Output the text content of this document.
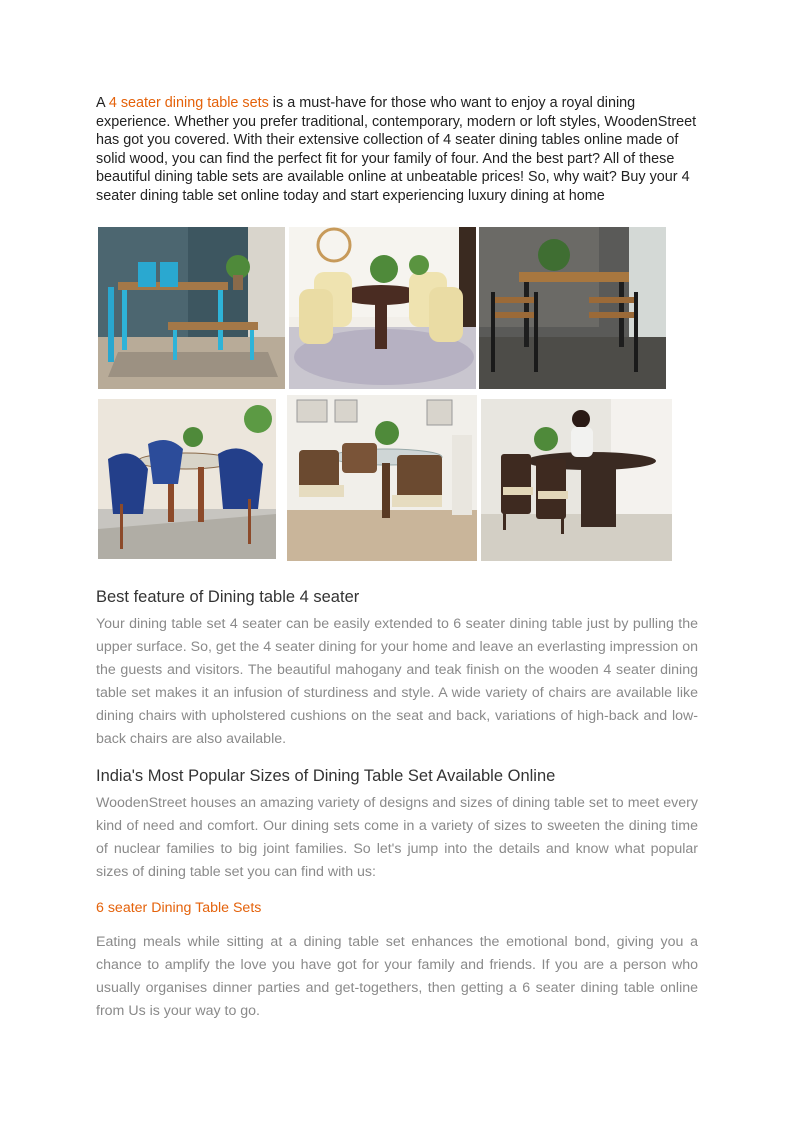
A 4 seater dining table sets is a must-have for those who want to enjoy a royal dining experience. Whether you prefer traditional, contemporary, modern or loft styles, WoodenStreet has got you covered. With their extensive collection of 4 seater dining tables online made of solid wood, you can find the perfect fit for your family of four. And the best part? All of these beautiful dining table sets are available online at unbeatable prices! So, why wait? Buy your 4 seater dining table set online today and start experiencing luxury dining at home

Best feature of Dining table 4 seater

Your dining table set 4 seater can be easily extended to 6 seater dining table just by pulling the upper surface. So, get the 4 seater dining for your home and leave an everlasting impression on the guests and visitors. The beautiful mahogany and teak finish on the wooden 4 seater dining table set makes it an infusion of sturdiness and style. A wide variety of chairs are available like dining chairs with upholstered cushions on the seat and back, variations of high-back and low-back chairs are also available.

India's Most Popular Sizes of Dining Table Set Available Online

WoodenStreet houses an amazing variety of designs and sizes of dining table set to meet every kind of need and comfort. Our dining sets come in a variety of sizes to sweeten the dining time of nuclear families to big joint families. So let's jump into the details and know what popular sizes of dining table set you can find with us:

6 seater Dining Table Sets

Eating meals while sitting at a dining table set enhances the emotional bond, giving you a chance to amplify the love you have got for your family and friends. If you are a person who usually organises dinner parties and get-togethers, then getting a 6 seater dining table online from Us is your way to go.
